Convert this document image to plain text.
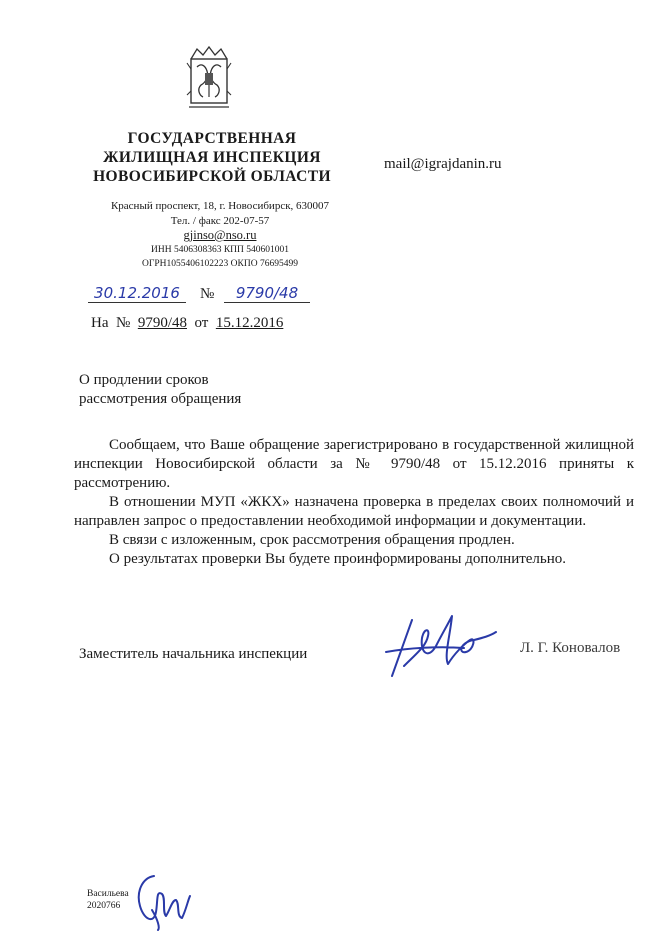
ГОСУДАРСТВЕННАЯ
ЖИЛИЩНАЯ ИНСПЕКЦИЯ
НОВОСИБИРСКОЙ ОБЛАСТИ
mail@igrajdanin.ru
Красный проспект, 18, г. Новосибирск, 630007
Тел. / факс 202-07-57
gjinso@nso.ru
ИНН 5406308363 КПП 540601001
ОГРН1055406102223 ОКПО 76695499
30.12.2016	№	9790/48
На № 9790/48 от 15.12.2016
О продлении сроков
рассмотрения обращения

Сообщаем, что Ваше обращение зарегистрировано в государственной жилищной инспекции Новосибирской области за № 9790/48 от 15.12.2016 приняты к рассмотрению.

В отношении МУП «ЖКХ» назначена проверка в пределах своих полномочий и направлен запрос о предоставлении необходимой информации и документации.

В связи с изложенным, срок рассмотрения обращения продлен.

О результатах проверки Вы будете проинформированы дополнительно.

Заместитель начальника инспекции	Л. Г. Коновалов
Васильева
2020766
